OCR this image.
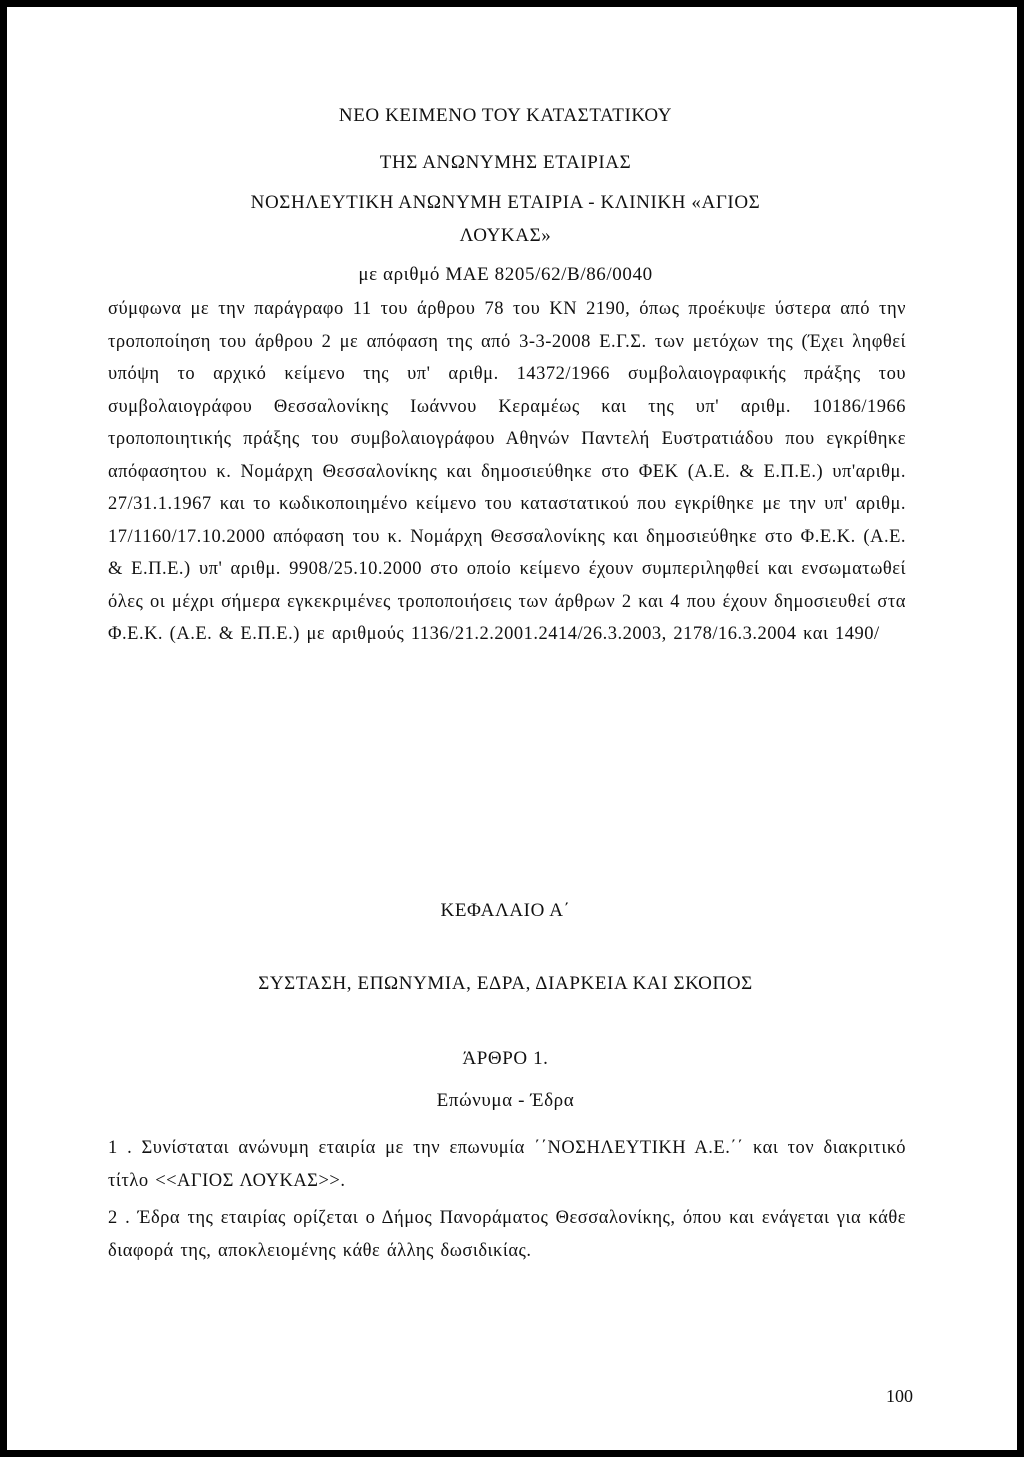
ΝΕΟ ΚΕΙΜΕΝΟ ΤΟΥ ΚΑΤΑΣΤΑΤΙΚΟΥ

ΤΗΣ ΑΝΩΝΥΜΗΣ ΕΤΑΙΡΙΑΣ

ΝΟΣΗΛΕΥΤΙΚΗ ΑΝΩΝΥΜΗ ΕΤΑΙΡΙΑ - ΚΛΙΝΙΚΗ «ΑΓΙΟΣ

ΛΟΥΚΑΣ»

με αριθμό ΜΑΕ 8205/62/Β/86/0040

σύμφωνα με την παράγραφο 11 του άρθρου 78 του ΚΝ 2190, όπως προέκυψε ύστερα από την τροποποίηση του άρθρου 2 με απόφαση της από 3-3-2008 Ε.Γ.Σ. των μετόχων της (Έχει ληφθεί υπόψη το αρχικό κείμενο της υπ' αριθμ. 14372/1966 συμβολαιογραφικής πράξης του συμβολαιογράφου Θεσσαλονίκης Ιωάννου Κεραμέως και της υπ' αριθμ. 10186/1966 τροποποιητικής πράξης του συμβολαιογράφου Αθηνών Παντελή Ευστρατιάδου που εγκρίθηκε απόφασητου κ. Νομάρχη Θεσσαλονίκης και δημοσιεύθηκε στο ΦΕΚ (Α.Ε. & Ε.Π.Ε.) υπ'αριθμ. 27/31.1.1967 και το κωδικοποιημένο κείμενο του καταστατικού που εγκρίθηκε με την υπ' αριθμ. 17/1160/17.10.2000 απόφαση του κ. Νομάρχη Θεσσαλονίκης και δημοσιεύθηκε στο Φ.Ε.Κ. (Α.Ε. & Ε.Π.Ε.) υπ' αριθμ. 9908/25.10.2000 στο οποίο κείμενο έχουν συμπεριληφθεί και ενσωματωθεί όλες οι μέχρι σήμερα εγκεκριμένες τροποποιήσεις των άρθρων 2 και 4 που έχουν δημοσιευθεί στα Φ.Ε.Κ. (Α.Ε. & Ε.Π.Ε.) με αριθμούς 1136/21.2.2001.2414/26.3.2003, 2178/16.3.2004 και 1490/

ΚΕΦΑΛΑΙΟ Α΄

ΣΥΣΤΑΣΗ, ΕΠΩΝΥΜΙΑ, ΕΔΡΑ, ΔΙΑΡΚΕΙΑ ΚΑΙ ΣΚΟΠΟΣ

ΆΡΘΡΟ 1.

Επώνυμα - Έδρα

1 . Συνίσταται ανώνυμη εταιρία με την επωνυμία ΄΄ΝΟΣΗΛΕΥΤΙΚΗ Α.Ε.΄΄ και τον διακριτικό τίτλο <<ΑΓΙΟΣ ΛΟΥΚΑΣ>>.

2 . Έδρα της εταιρίας ορίζεται ο Δήμος Πανοράματος Θεσσαλονίκης, όπου και ενάγεται για κάθε διαφορά της, αποκλειομένης κάθε άλλης δωσιδικίας.

100
